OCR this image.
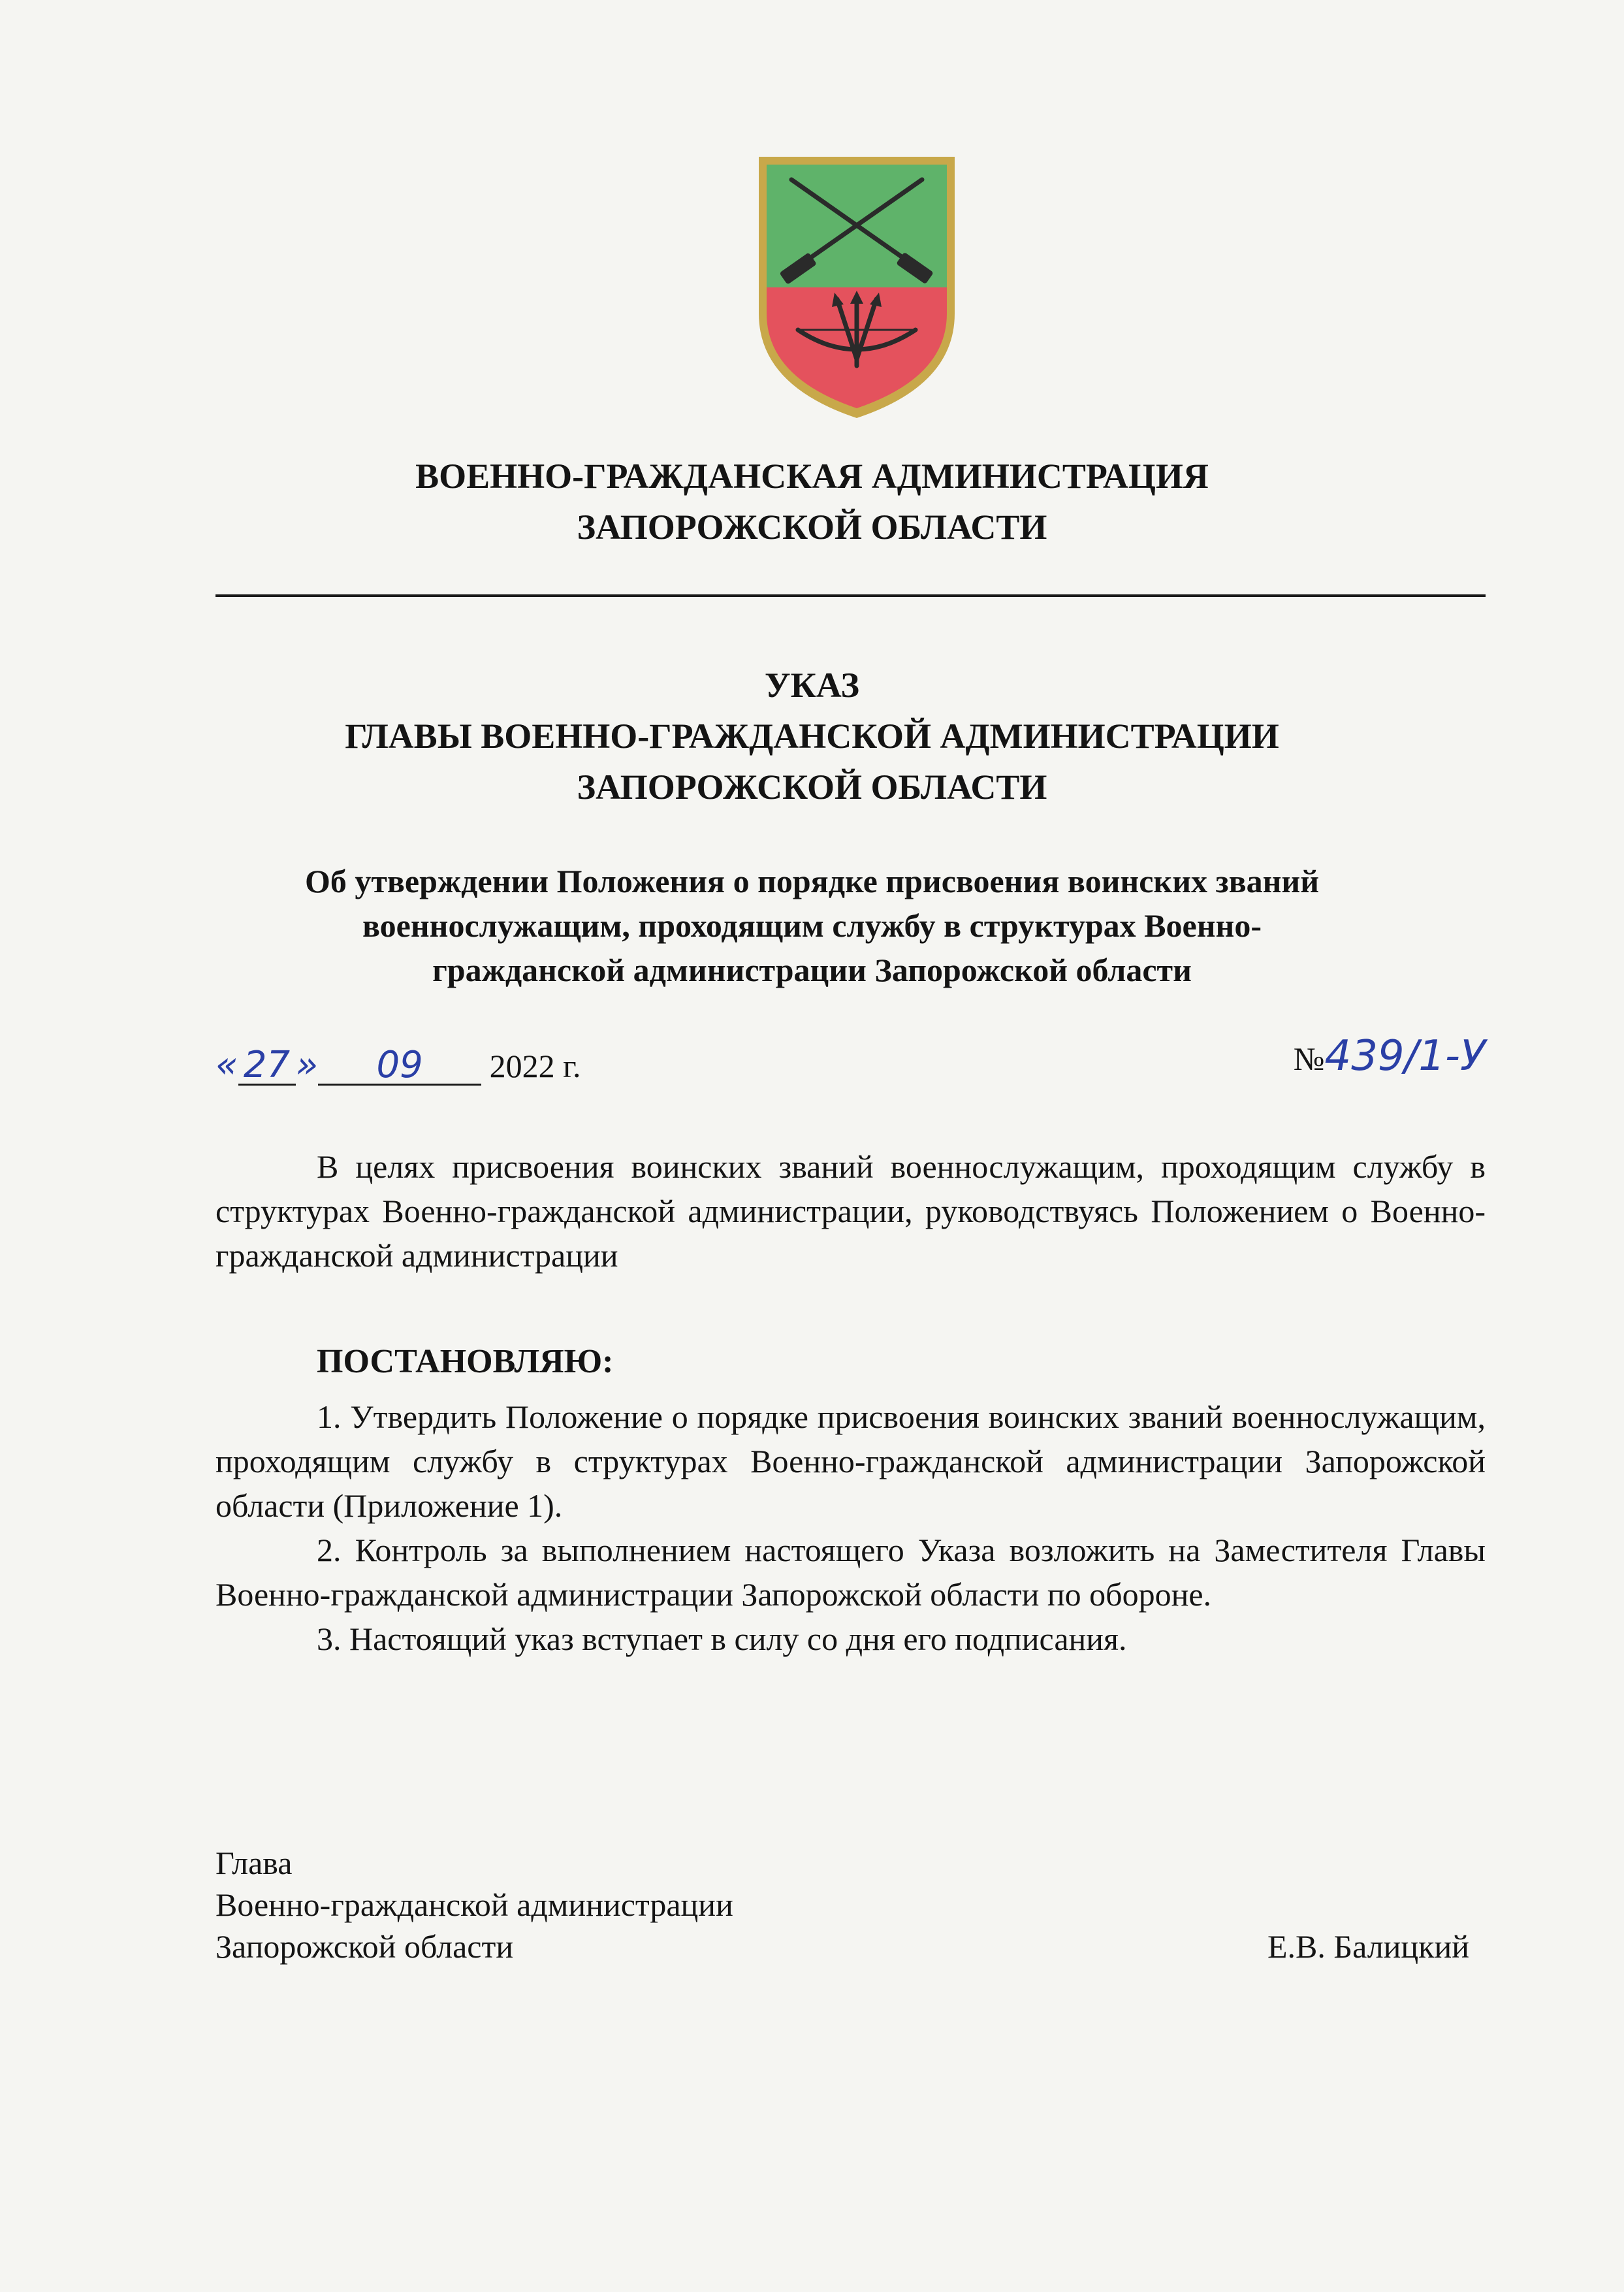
ВОЕННО-ГРАЖДАНСКАЯ АДМИНИСТРАЦИЯ
ЗАПОРОЖСКОЙ ОБЛАСТИ
УКАЗ
ГЛАВЫ ВОЕННО-ГРАЖДАНСКОЙ АДМИНИСТРАЦИИ
ЗАПОРОЖСКОЙ ОБЛАСТИ
Об утверждении Положения о порядке присвоения воинских званий
военнослужащим, проходящим службу в структурах Военно-
гражданской администрации Запорожской области
« 27 » 09 2022 г.	№439/1-У

В целях присвоения воинских званий военнослужащим, проходящим службу в структурах Военно-гражданской администрации, руководствуясь Положением о Военно-гражданской администрации

ПОСТАНОВЛЯЮ:

1. Утвердить Положение о порядке присвоения воинских званий военнослужащим, проходящим службу в структурах Военно-гражданской администрации Запорожской области (Приложение 1).

2. Контроль за выполнением настоящего Указа возложить на Заместителя Главы Военно-гражданской администрации Запорожской области по обороне.

3. Настоящий указ вступает в силу со дня его подписания.

Глава
Военно-гражданской администрации
Запорожской области	Е.В. Балицкий
